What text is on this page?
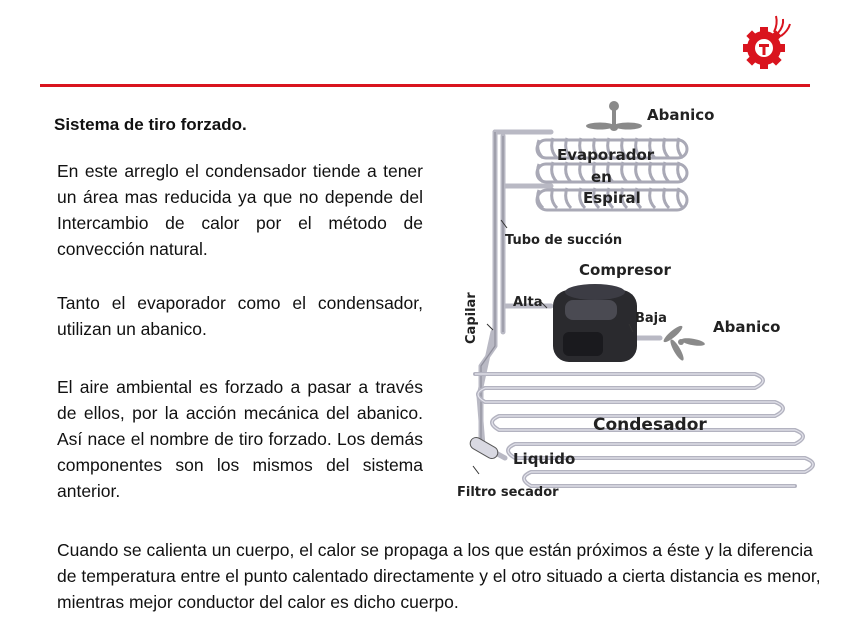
Sistema de tiro forzado.

En este arreglo el condensador tiende a tener un área mas reducida ya que no depende del Intercambio de calor por el método de convección natural.

Tanto el evaporador como el condensador, utilizan un abanico.

El aire ambiental es forzado a pasar a través de ellos, por la acción mecánica del abanico. Así nace el nombre de tiro forzado. Los demás componentes son los mismos del sistema anterior.

Abanico
Evaporador
en
Espiral
Tubo de succión
Compresor
Alta
Baja	Abanico
Capilar
Condesador
Liquido
Filtro secador

Cuando se calienta un cuerpo, el calor se propaga a los que están próximos a éste y la diferencia de temperatura entre el punto calentado directamente y el otro situado a cierta distancia es menor, mientras mejor conductor del calor es dicho cuerpo.
